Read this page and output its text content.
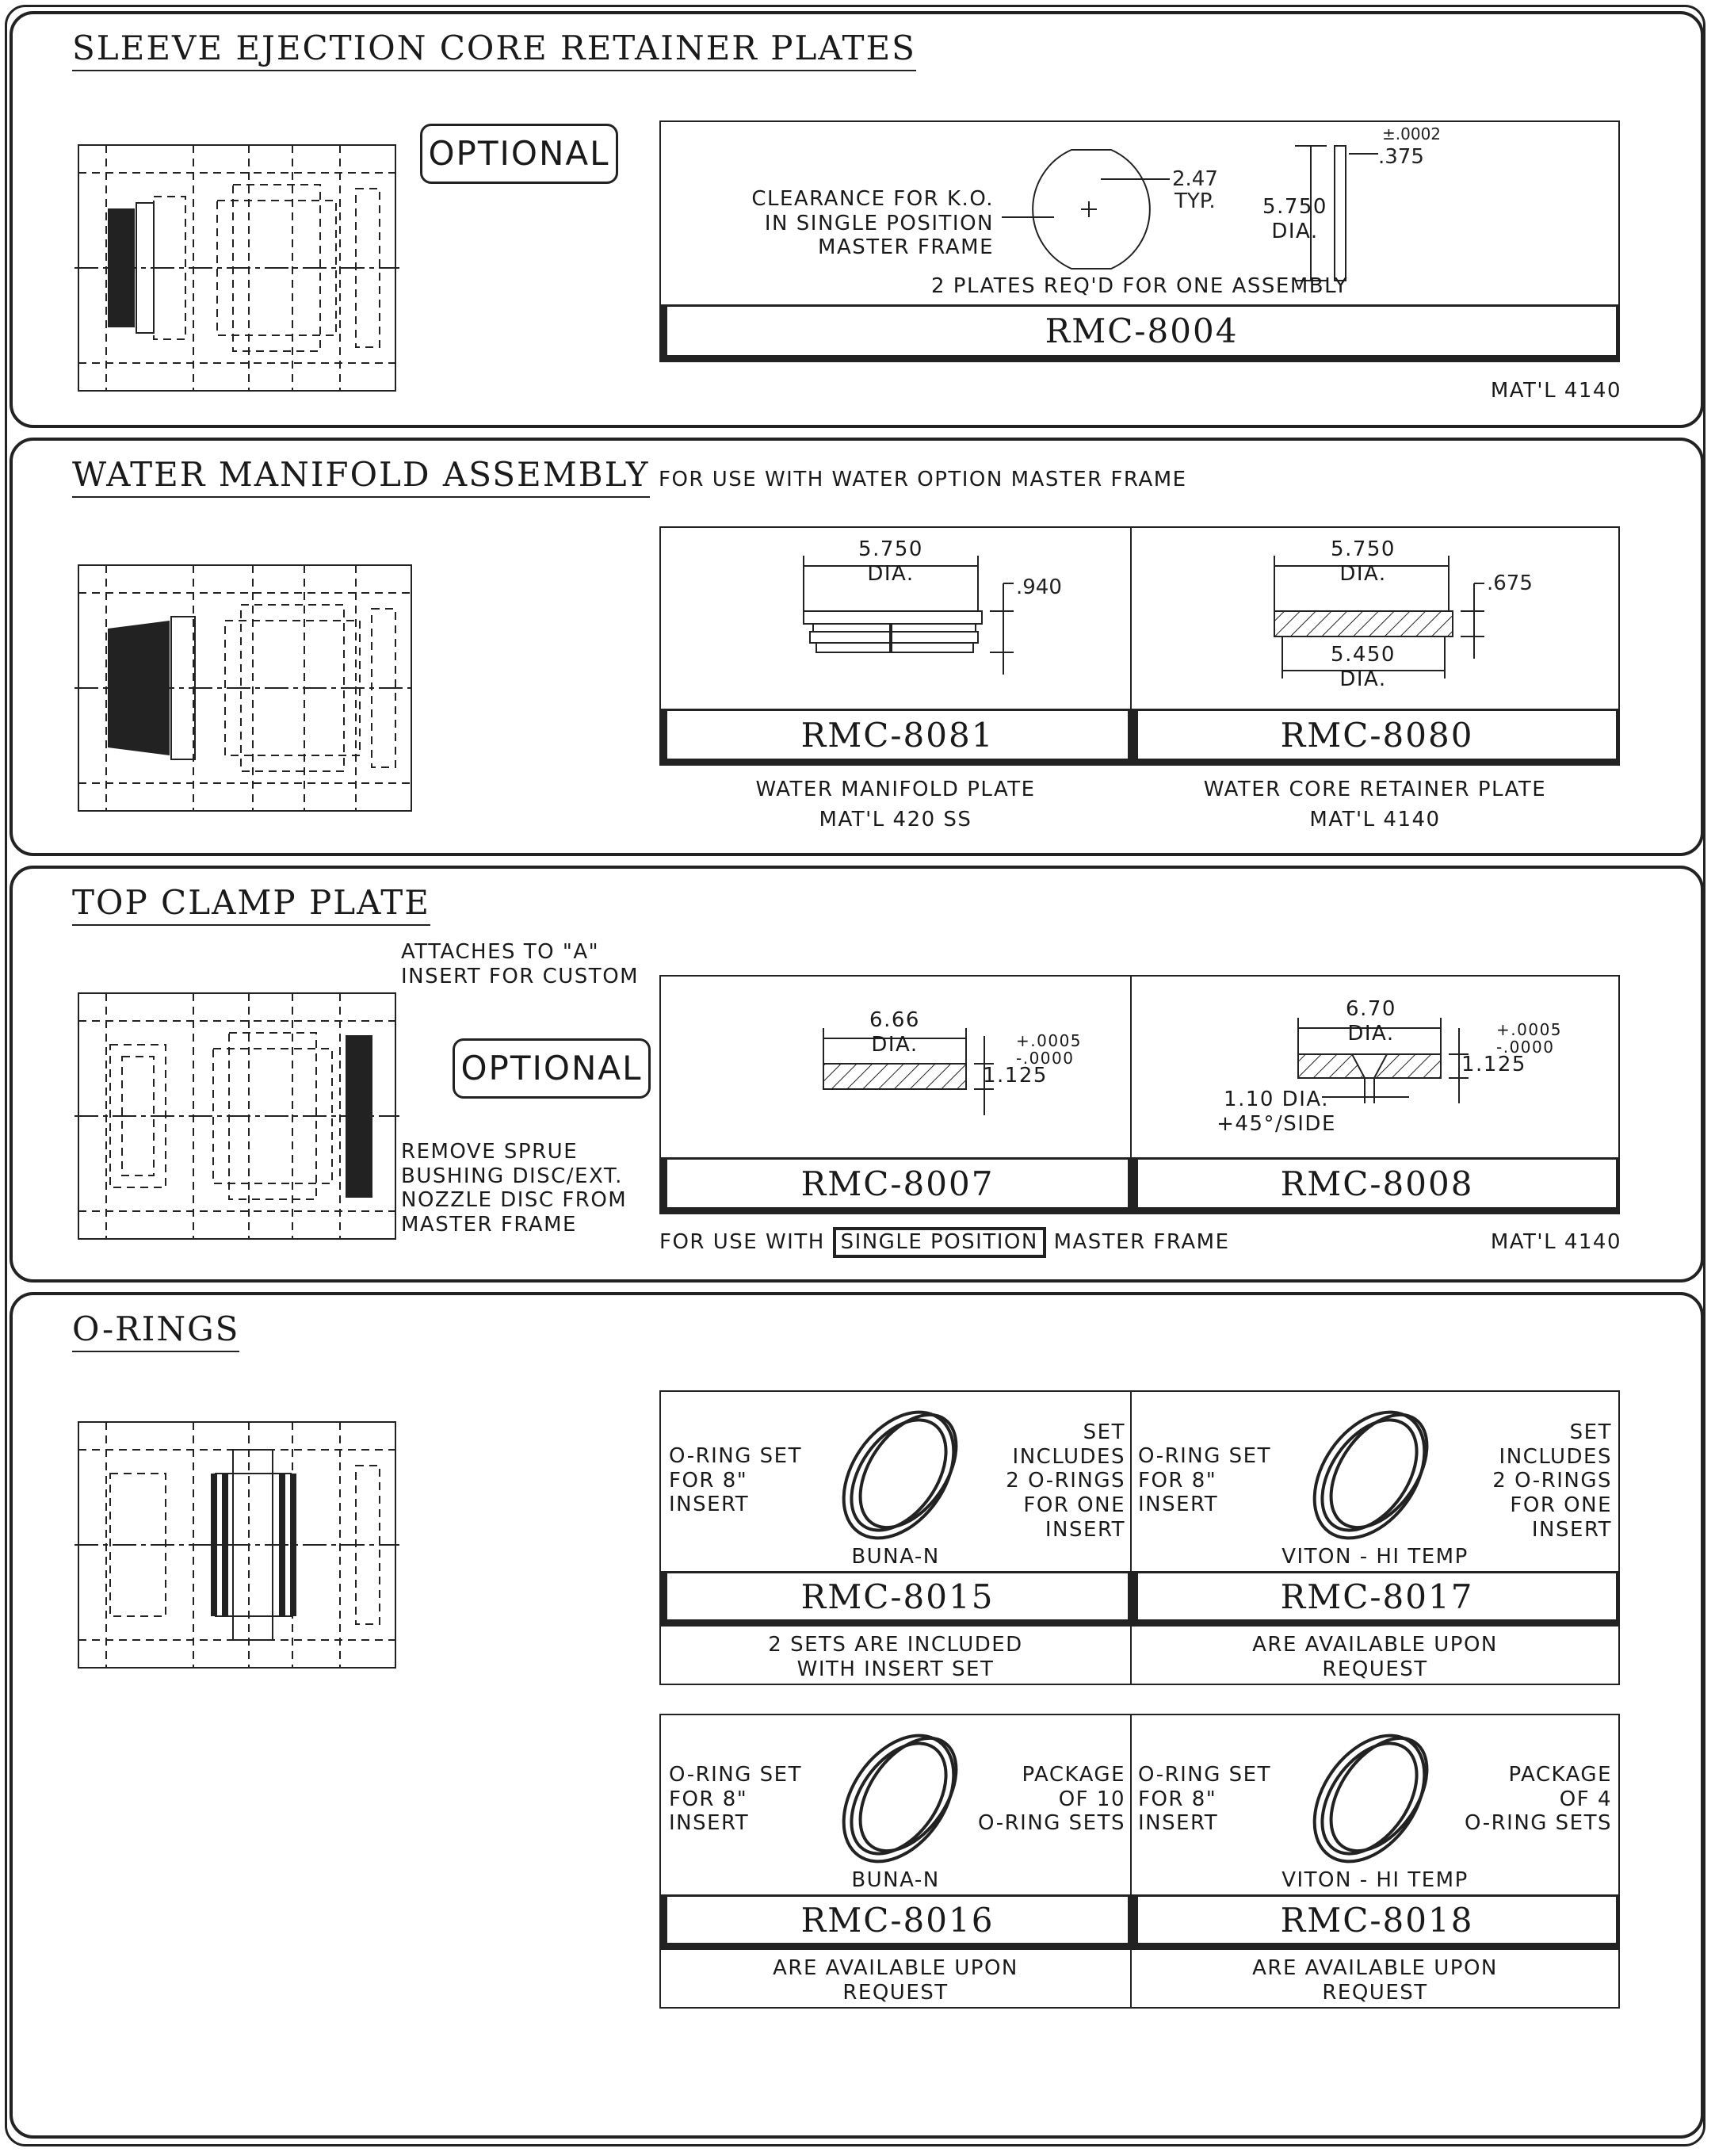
SLEEVE EJECTION CORE RETAINER PLATES
OPTIONAL
2.47
TYP.
±.0002
.375
CLEARANCE FOR K.O.
IN SINGLE POSITION
MASTER FRAME
5.750
DIA.
2 PLATES REQ'D FOR ONE ASSEMBLY
RMC-8004
MAT'L 4140
WATER MANIFOLD ASSEMBLY FOR USE WITH WATER OPTION MASTER FRAME
.940
5.750
DIA.
RMC-8081
.675
5.750
DIA.
5.450
DIA.
RMC-8080
WATER MANIFOLD PLATE
MAT'L 420 SS
WATER CORE RETAINER PLATE
MAT'L 4140
TOP CLAMP PLATE
ATTACHES TO "A"
INSERT FOR CUSTOM
OPTIONAL
REMOVE SPRUE
BUSHING DISC/EXT.
NOZZLE DISC FROM
MASTER FRAME
6.66
DIA.	+.0005
-.0000
1.125
RMC-8007
6.70
DIA.	+.0005
-.0000
1.125
1.10 DIA.
+45°/SIDE
RMC-8008
FOR USE WITH SINGLE POSITION MASTER FRAME	MAT'L 4140
O-RINGS
O-RING SET
FOR 8"
INSERT
SET
INCLUDES
2 O-RINGS
FOR ONE
INSERT
BUNA-N
RMC-8015
2 SETS ARE INCLUDED
WITH INSERT SET
O-RING SET
FOR 8"
INSERT
SET
INCLUDES
2 O-RINGS
FOR ONE
INSERT
VITON - HI TEMP
RMC-8017
ARE AVAILABLE UPON
REQUEST
O-RING SET
FOR 8"
INSERT
PACKAGE
OF 10
O-RING SETS
BUNA-N
RMC-8016
ARE AVAILABLE UPON
REQUEST
O-RING SET
FOR 8"
INSERT
PACKAGE
OF 4
O-RING SETS
VITON - HI TEMP
RMC-8018
ARE AVAILABLE UPON
REQUEST
